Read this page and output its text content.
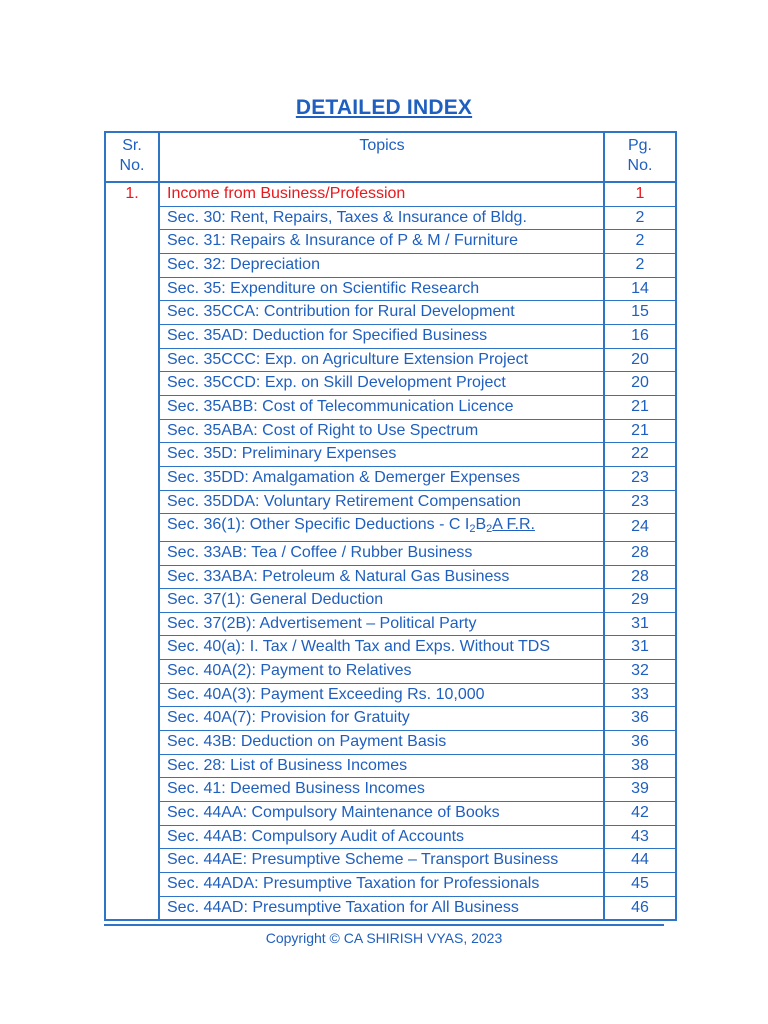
DETAILED INDEX
Sr.
No.	Topics	Pg.
No.
1.	Income from Business/Profession	1
	Sec. 30: Rent, Repairs, Taxes & Insurance of Bldg.	2
	Sec. 31: Repairs & Insurance of P & M / Furniture	2
	Sec. 32: Depreciation	2
	Sec. 35: Expenditure on Scientific Research	14
	Sec. 35CCA: Contribution for Rural Development	15
	Sec. 35AD: Deduction for Specified Business	16
	Sec. 35CCC: Exp. on Agriculture Extension Project	20
	Sec. 35CCD: Exp. on Skill Development Project	20
	Sec. 35ABB: Cost of Telecommunication Licence	21
	Sec. 35ABA: Cost of Right to Use Spectrum	21
	Sec. 35D: Preliminary Expenses	22
	Sec. 35DD: Amalgamation & Demerger Expenses	23
	Sec. 35DDA: Voluntary Retirement Compensation	23
	Sec. 36(1): Other Specific Deductions - C $I_2B_2A$ F.R.	24
	Sec. 33AB: Tea / Coffee / Rubber Business	28
	Sec. 33ABA: Petroleum & Natural Gas Business	28
	Sec. 37(1): General Deduction	29
	Sec. 37(2B): Advertisement – Political Party	31
	Sec. 40(a): I. Tax / Wealth Tax and Exps. Without TDS	31
	Sec. 40A(2): Payment to Relatives	32
	Sec. 40A(3): Payment Exceeding Rs. 10,000	33
	Sec. 40A(7): Provision for Gratuity	36
	Sec. 43B: Deduction on Payment Basis	36
	Sec. 28: List of Business Incomes	38
	Sec. 41: Deemed Business Incomes	39
	Sec. 44AA: Compulsory Maintenance of Books	42
	Sec. 44AB: Compulsory Audit of Accounts	43
	Sec. 44AE: Presumptive Scheme – Transport Business	44
	Sec. 44ADA: Presumptive Taxation for Professionals	45
	Sec. 44AD: Presumptive Taxation for All Business	46
Copyright © CA SHIRISH VYAS, 2023
